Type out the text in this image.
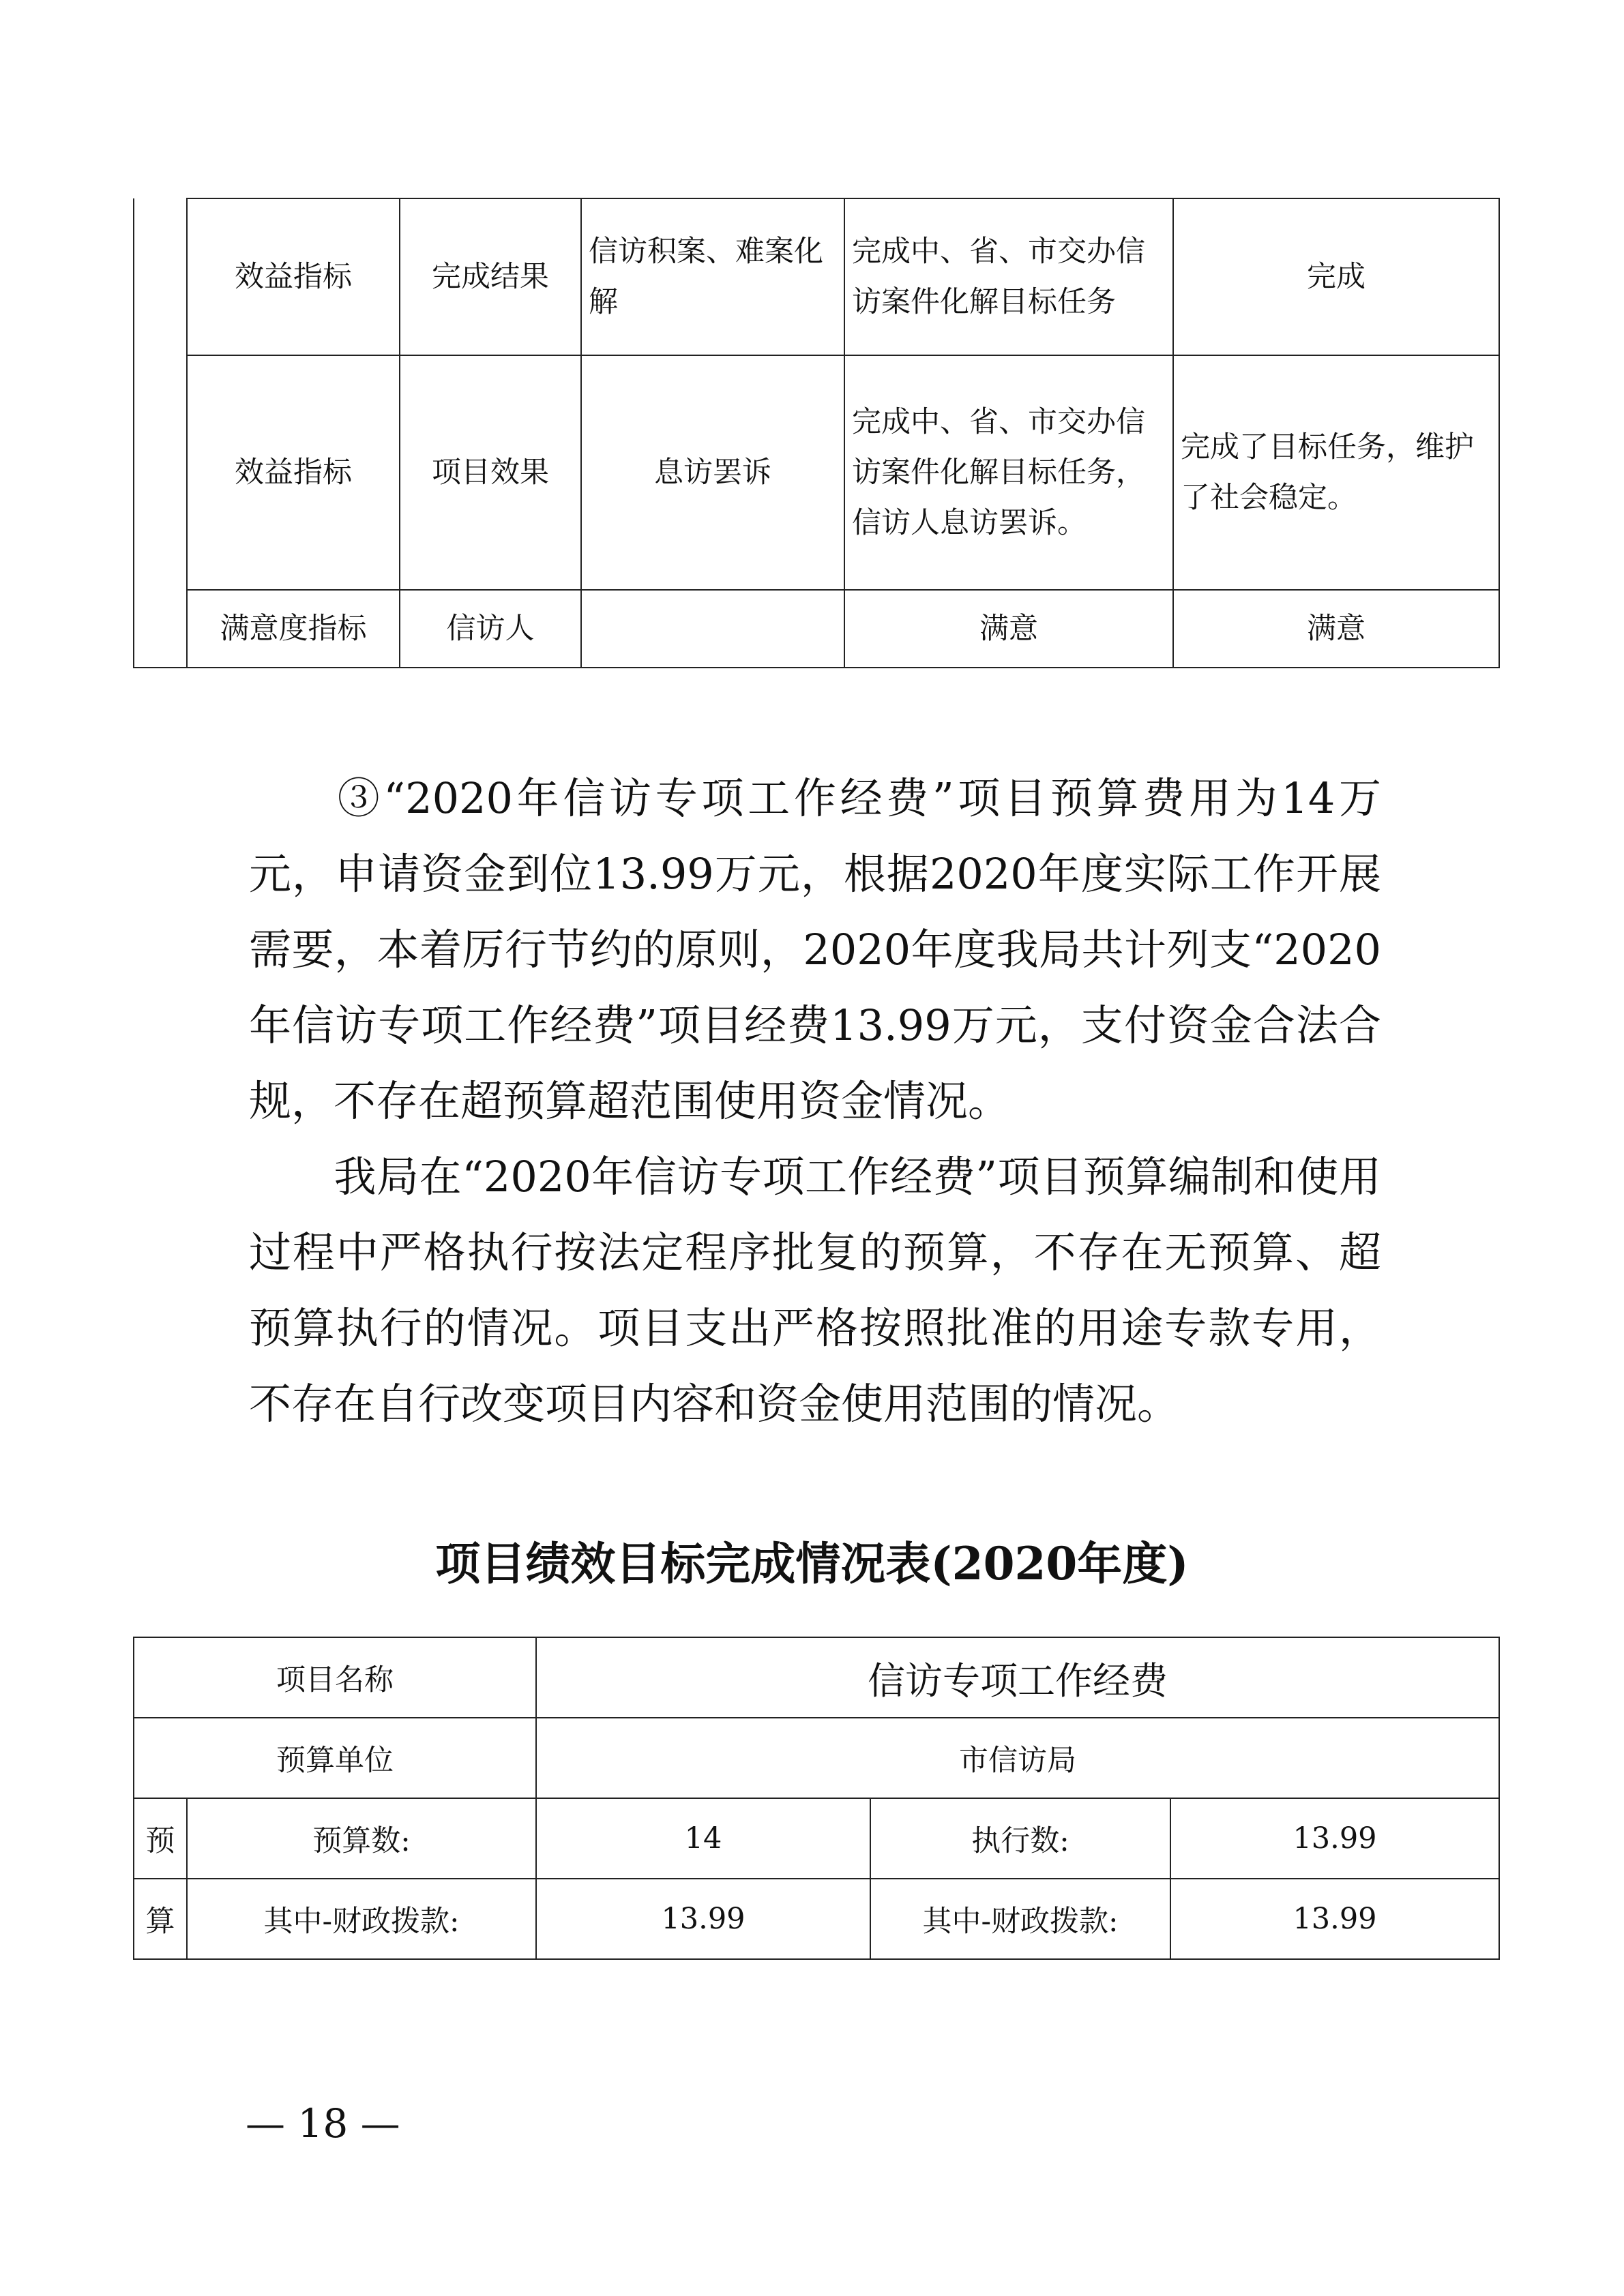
	效益指标	完成结果	信访积案、难案化解	完成中、省、市交办信访案件化解目标任务	完成
	效益指标	项目效果	息访罢诉	完成中、省、市交办信访案件化解目标任务，信访人息访罢诉。	完成了目标任务，维护了社会稳定。
	满意度指标	信访人		满意	满意

③“2020年信访专项工作经费”项目预算费用为14万元，申请资金到位13.99万元，根据2020年度实际工作开展需要，本着厉行节约的原则，2020年度我局共计列支“2020年信访专项工作经费”项目经费13.99万元，支付资金合法合规，不存在超预算超范围使用资金情况。

我局在“2020年信访专项工作经费”项目预算编制和使用过程中严格执行按法定程序批复的预算，不存在无预算、超预算执行的情况。项目支出严格按照批准的用途专款专用，不存在自行改变项目内容和资金使用范围的情况。

项目绩效目标完成情况表(2020年度)
项目名称		信访专项工作经费		
预算单位		市信访局		
预	预算数:	14	执行数:	13.99
算	其中-财政拨款:	13.99	其中-财政拨款:	13.99

— 18 —
